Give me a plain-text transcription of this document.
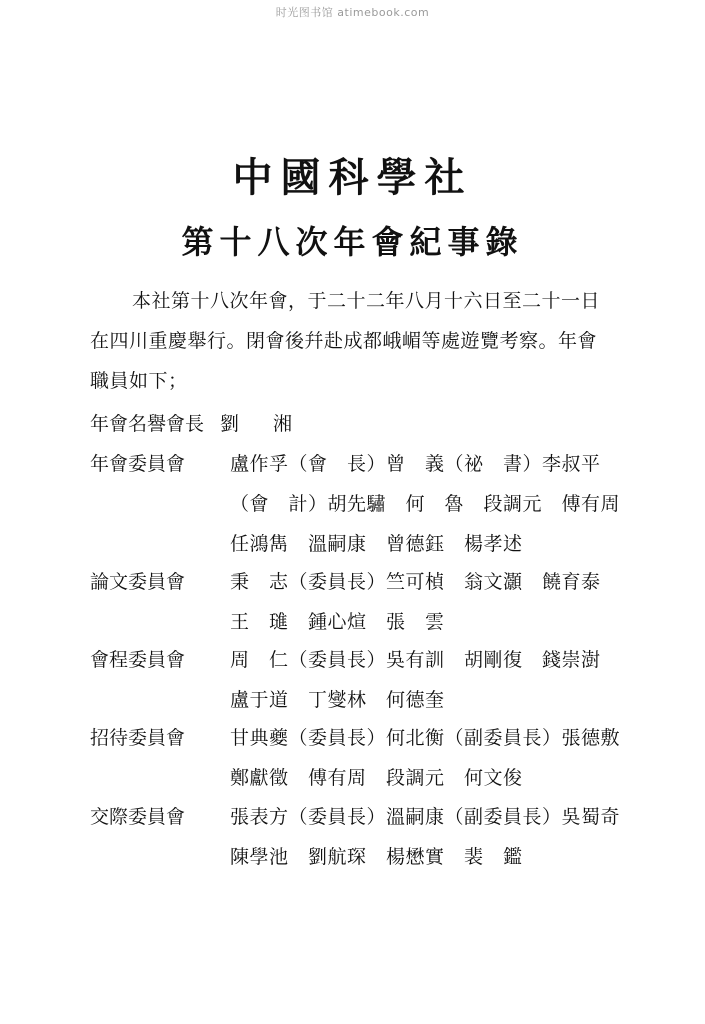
时光图书馆 atimebook.com
中國科學社
第十八次年會紀事錄
本社第十八次年會，于二十二年八月十六日至二十一日
在四川重慶舉行。閉會後幷赴成都峨嵋等處遊覽考察。年會
職員如下；
年會名譽會長 劉 湘
年會委員會 盧作孚（會　長）曾　義（祕　書）李叔平
（會　計）胡先驌　何　魯　段調元　傅有周
任鴻雋　溫嗣康　曾德鈺　楊孝述
論文委員會 秉　志（委員長）竺可楨　翁文灝　饒育泰
王　璡　鍾心煊　張　雲
會程委員會 周　仁（委員長）吳有訓　胡剛復　錢崇澍
盧于道　丁燮林　何德奎
招待委員會 甘典夔（委員長）何北衡（副委員長）張德敷
鄭獻徵　傅有周　段調元　何文俊
交際委員會 張表方（委員長）溫嗣康（副委員長）吳蜀奇
陳學池　劉航琛　楊懋實　裴　鑑
